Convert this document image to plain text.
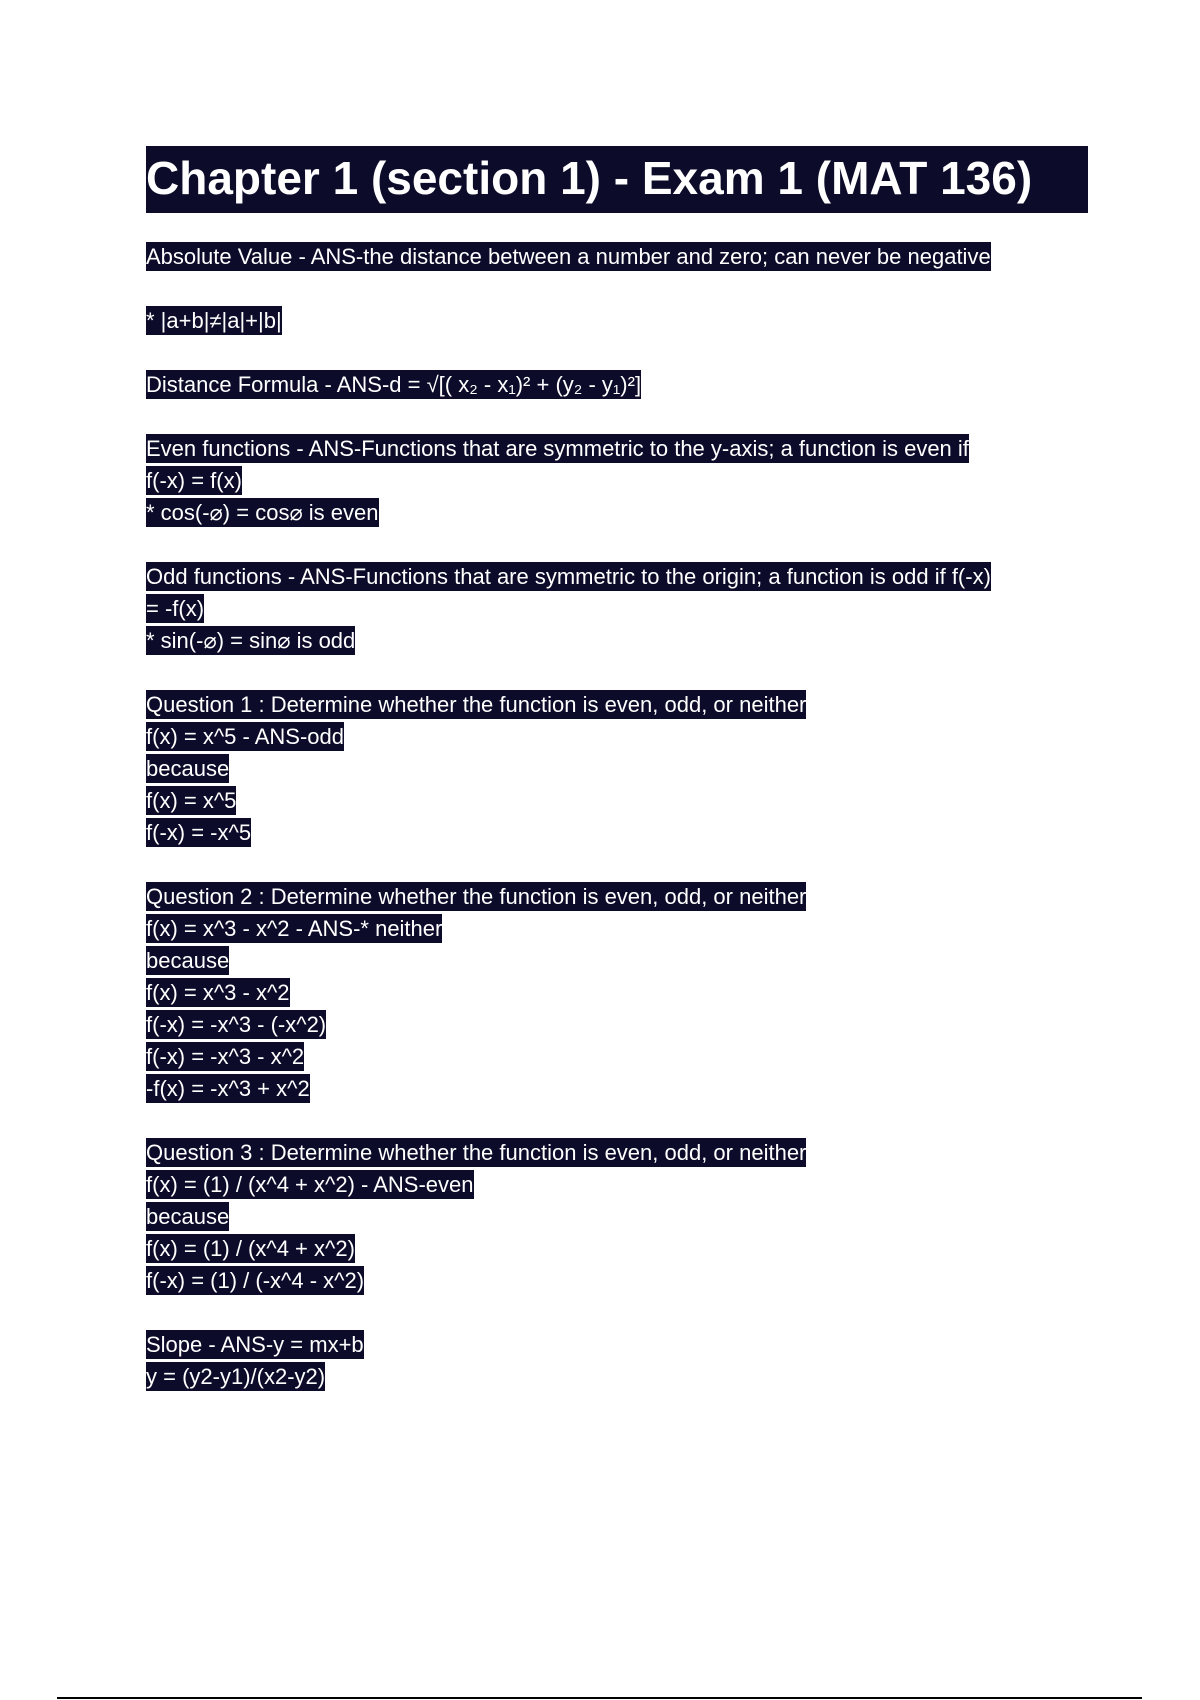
Chapter 1 (section 1) - Exam 1 (MAT 136)
Absolute Value - ANS-the distance between a number and zero; can never be negative
* |a+b|≠|a|+|b|
Distance Formula - ANS-d = √[( x₂ - x₁)² + (y₂ - y₁)²]
Even functions - ANS-Functions that are symmetric to the y-axis; a function is even if
f(-x) = f(x)
* cos(-⌀) = cos⌀ is even
Odd functions - ANS-Functions that are symmetric to the origin; a function is odd if f(-x)
= -f(x)
* sin(-⌀) = sin⌀ is odd
Question 1 : Determine whether the function is even, odd, or neither
f(x) = x^5 - ANS-odd
because
f(x) = x^5
f(-x) = -x^5
Question 2 : Determine whether the function is even, odd, or neither
f(x) = x^3 - x^2 - ANS-* neither
because
f(x) = x^3 - x^2
f(-x) = -x^3 - (-x^2)
f(-x) = -x^3 - x^2
-f(x) = -x^3 + x^2
Question 3 : Determine whether the function is even, odd, or neither
f(x) = (1) / (x^4 + x^2) - ANS-even
because
f(x) = (1) / (x^4 + x^2)
f(-x) = (1) / (-x^4 - x^2)
Slope - ANS-y = mx+b
y = (y2-y1)/(x2-y2)
